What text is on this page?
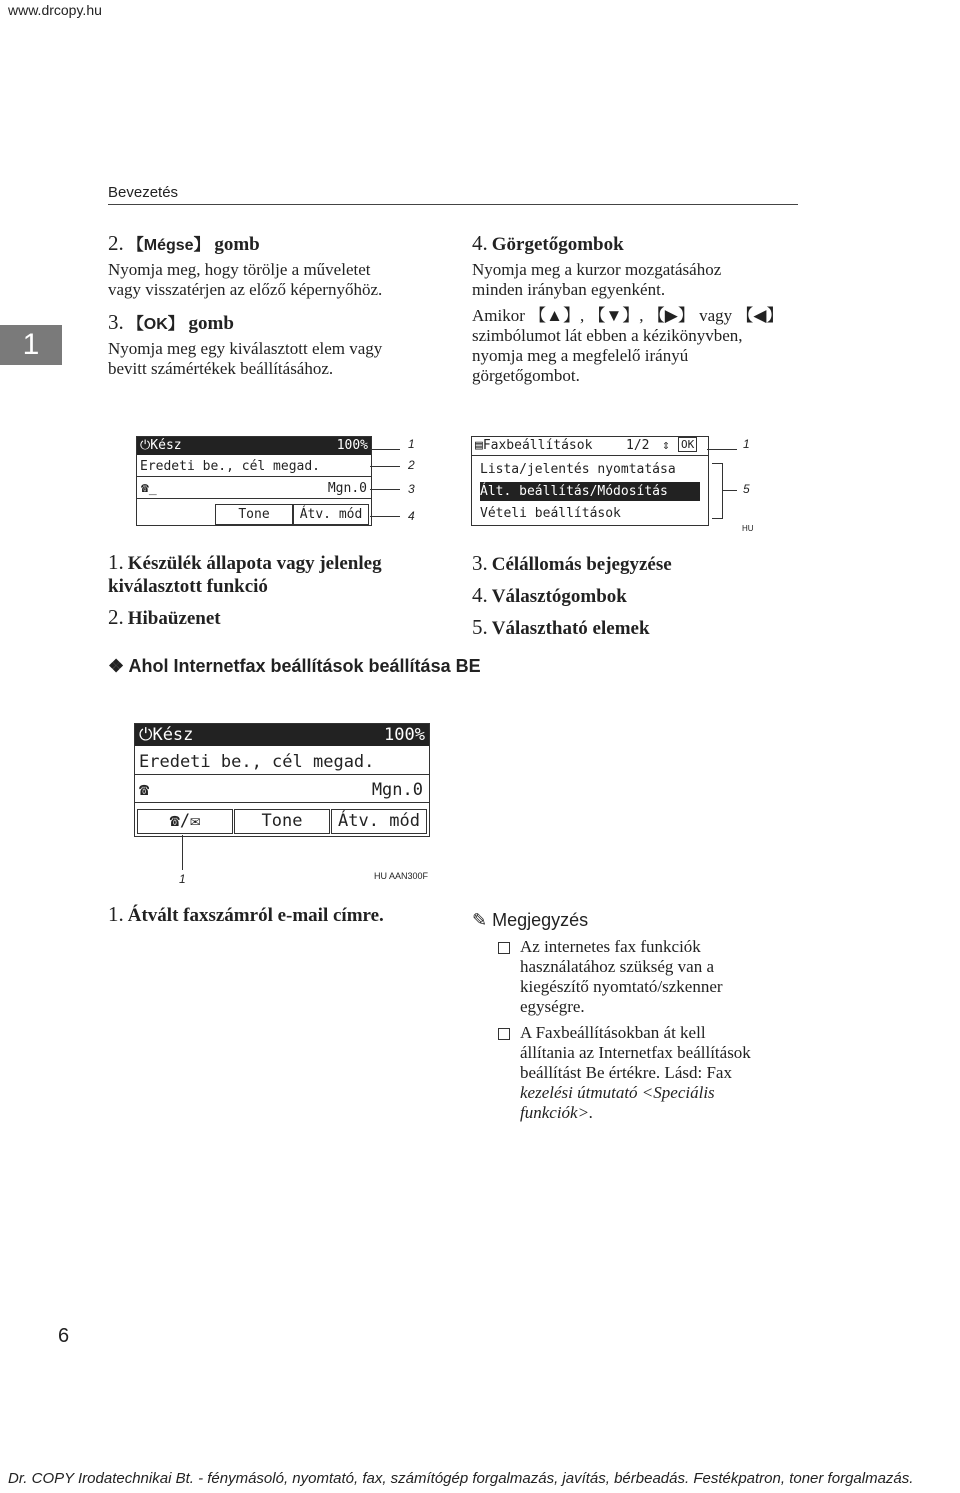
www.drcopy.hu
Bevezetés
1
2. 【Mégse】 gomb
Nyomja meg, hogy törölje a műveletet
vagy visszatérjen az előző képernyőhöz.
3. 【OK】 gomb
Nyomja meg egy kiválasztott elem vagy
bevitt számértékek beállításához.
4. Görgetőgombok
Nyomja meg a kurzor mozgatásához
minden irányban egyenként.
Amikor 【▲】, 【▼】, 【▶】 vagy 【◀】
szimbólumot lát ebben a kézikönyvben,
nyomja meg a megfelelő irányú
görgetőgombot.
⏻Kész	100%
Eredeti be., cél megad.
☎_	Mgn.0
Tone	Átv. mód
1
2
3
4
▤Faxbeállítások	1/2 ⇕ OK
Lista/jelentés nyomtatása
Ált. beállítás/Módosítás
Vételi beállítások
1
5
HU
1. Készülék állapota vagy jelenleg
kiválasztott funkció
2. Hibaüzenet
3. Célállomás bejegyzése
4. Választógombok
5. Választható elemek
❖ Ahol Internetfax beállítások beállítása BE
⏻Kész	100%
Eredeti be., cél megad.
☎	Mgn.0
☎/✉	Tone	Átv. mód
1	HU AAN300F
1. Átvált faxszámról e-mail címre.	✎ Megjegyzés
Az internetes fax funkciók
használatához szükség van a
kiegészítő nyomtató/szkenner
egységre.
A Faxbeállításokban át kell
állítania az Internetfax beállítások
beállítást Be értékre. Lásd: Fax
kezelési útmutató <Speciális
funkciók>.
6
Dr. COPY Irodatechnikai Bt. - fénymásoló, nyomtató, fax, számítógép forgalmazás, javítás, bérbeadás. Festékpatron, toner forgalmazás.
